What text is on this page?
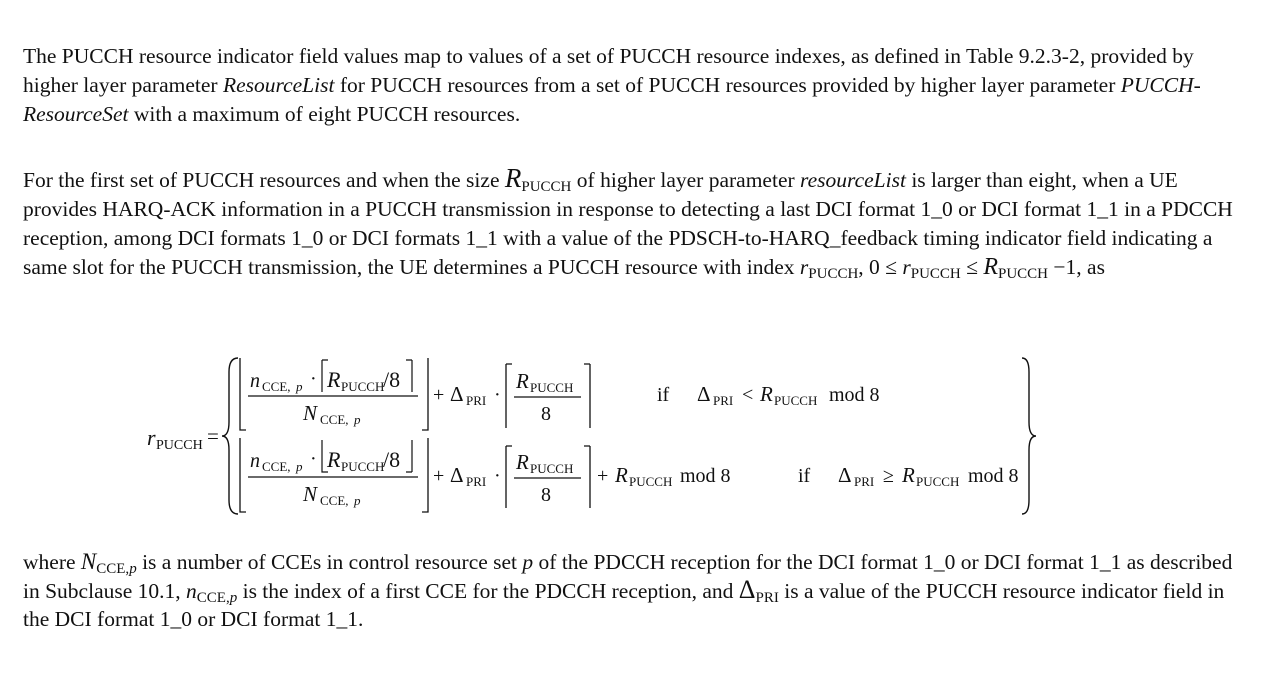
The PUCCH resource indicator field values map to values of a set of PUCCH resource indexes, as defined in Table 9.2.3-2, provided by higher layer parameter ResourceList for PUCCH resources from a set of PUCCH resources provided by higher layer parameter PUCCH-ResourceSet with a maximum of eight PUCCH resources.

For the first set of PUCCH resources and when the size $R_{PUCCH}$ of higher layer parameter resourceList is larger than eight, when a UE provides HARQ-ACK information in a PUCCH transmission in response to detecting a last DCI format 1_0 or DCI format 1_1 in a PDCCH reception, among DCI formats 1_0 or DCI formats 1_1 with a value of the PDSCH-to-HARQ_feedback timing indicator field indicating a same slot for the PUCCH transmission, the UE determines a PUCCH resource with index $r_{PUCCH}$, $0 \le r_{PUCCH} \le R_{PUCCH} -1$, as

r PUCCH =
n CCE, p · R PUCCH
/8
N CCE, p
+ Δ PRI ·
R PUCCH
8
if Δ PRI < R PUCCH mod 8
n CCE, p · R PUCCH
/8
N CCE, p
+ Δ PRI ·
R PUCCH
8
+ R PUCCH mod 8	if Δ PRI ≥ R PUCCH mod 8

where $N_{CCE,p}$ is a number of CCEs in control resource set p of the PDCCH reception for the DCI format 1_0 or DCI format 1_1 as described in Subclause 10.1, $n_{CCE,p}$ is the index of a first CCE for the PDCCH reception, and $\Delta_{PRI}$ is a value of the PUCCH resource indicator field in the DCI format 1_0 or DCI format 1_1.
